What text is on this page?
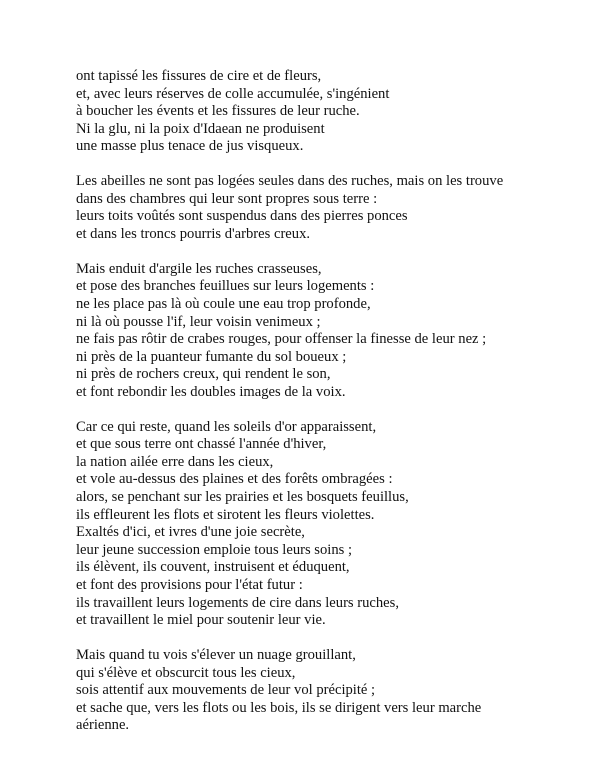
ont tapissé les fissures de cire et de fleurs,
et, avec leurs réserves de colle accumulée, s'ingénient
à boucher les évents et les fissures de leur ruche.
Ni la glu, ni la poix d'Idaean ne produisent
une masse plus tenace de jus visqueux.

Les abeilles ne sont pas logées seules dans des ruches, mais on les trouve
dans des chambres qui leur sont propres sous terre :
leurs toits voûtés sont suspendus dans des pierres ponces
et dans les troncs pourris d'arbres creux.

Mais enduit d'argile les ruches crasseuses,
et pose des branches feuillues sur leurs logements :
ne les place pas là où coule une eau trop profonde,
ni là où pousse l'if, leur voisin venimeux ;
ne fais pas rôtir de crabes rouges, pour offenser la finesse de leur nez ;
ni près de la puanteur fumante du sol boueux ;
ni près de rochers creux, qui rendent le son,
et font rebondir les doubles images de la voix.

Car ce qui reste, quand les soleils d'or apparaissent,
et que sous terre ont chassé l'année d'hiver,
la nation ailée erre dans les cieux,
et vole au-dessus des plaines et des forêts ombragées :
alors, se penchant sur les prairies et les bosquets feuillus,
ils effleurent les flots et sirotent les fleurs violettes.
Exaltés d'ici, et ivres d'une joie secrète,
leur jeune succession emploie tous leurs soins ;
ils élèvent, ils couvent, instruisent et éduquent,
et font des provisions pour l'état futur :
ils travaillent leurs logements de cire dans leurs ruches,
et travaillent le miel pour soutenir leur vie.

Mais quand tu vois s'élever un nuage grouillant,
qui s'élève et obscurcit tous les cieux,
sois attentif aux mouvements de leur vol précipité ;
et sache que, vers les flots ou les bois, ils se dirigent vers leur marche
aérienne.
